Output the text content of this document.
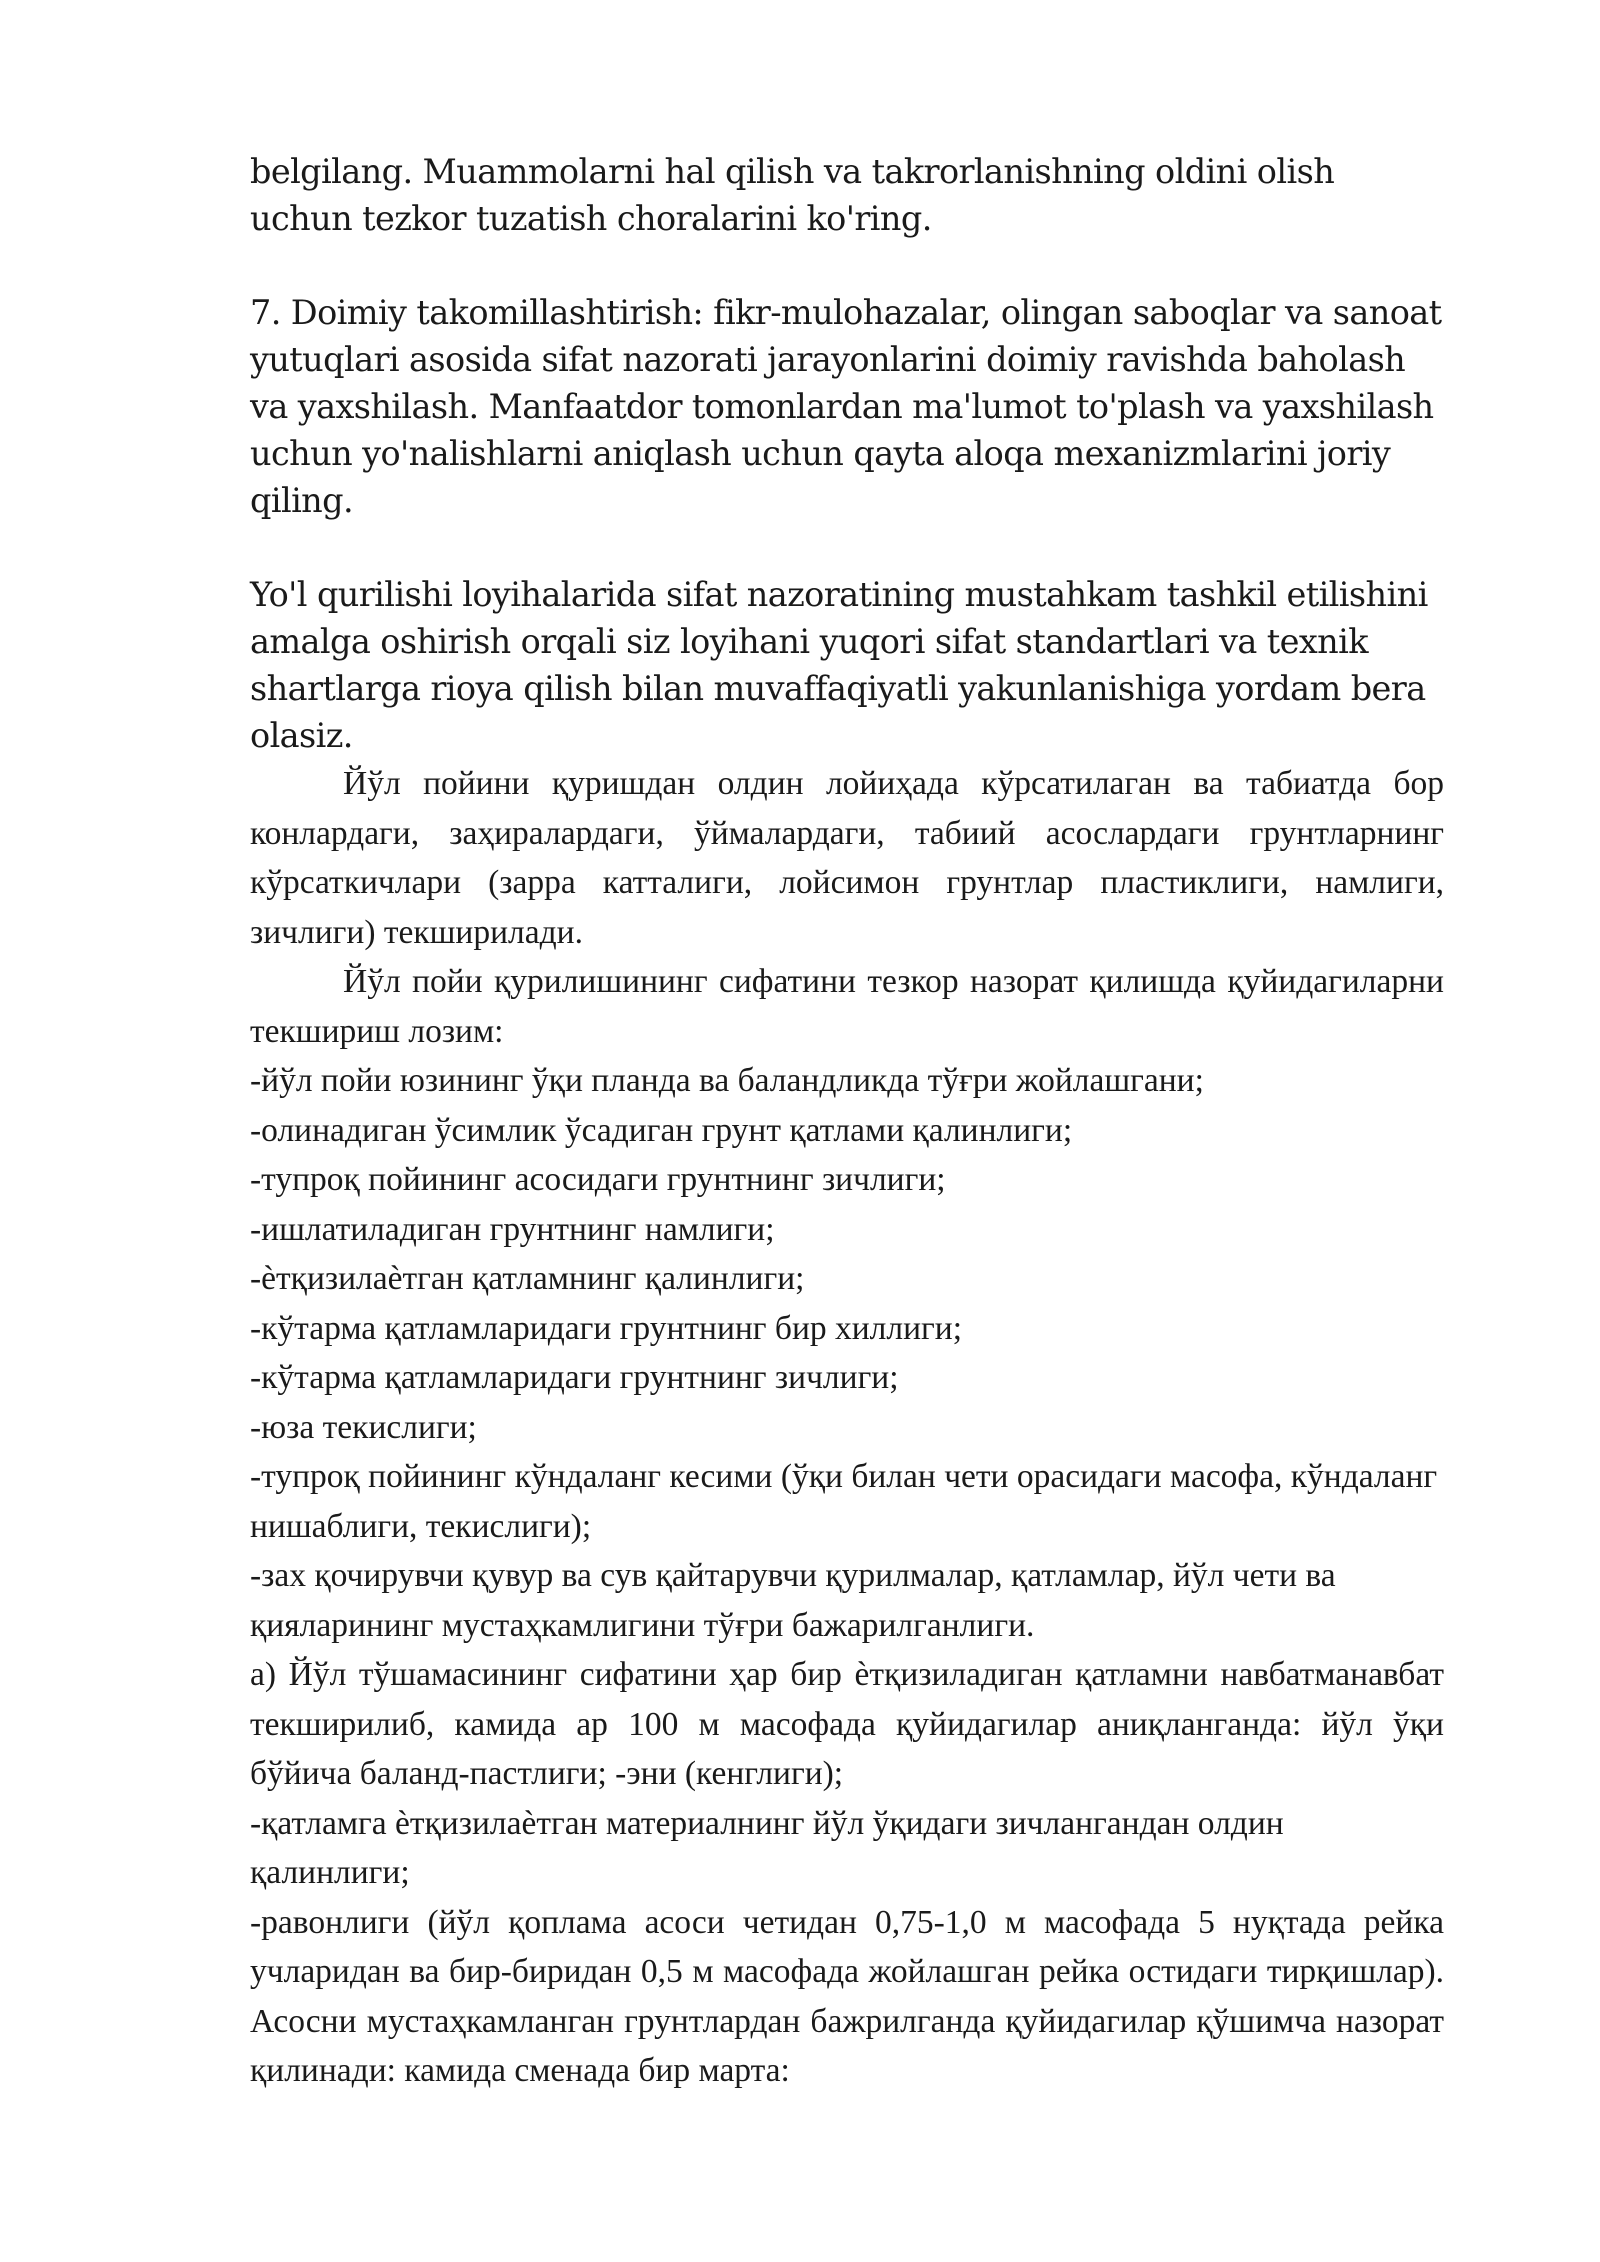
belgilang. Muammolarni hal qilish va takrorlanishning oldini olish uchun tezkor tuzatish choralarini ko'ring.

7. Doimiy takomillashtirish: fikr-mulohazalar, olingan saboqlar va sanoat yutuqlari asosida sifat nazorati jarayonlarini doimiy ravishda baholash va yaxshilash. Manfaatdor tomonlardan ma'lumot to'plash va yaxshilash uchun yo'nalishlarni aniqlash uchun qayta aloqa mexanizmlarini joriy qiling.

Yo'l qurilishi loyihalarida sifat nazoratining mustahkam tashkil etilishini amalga oshirish orqali siz loyihani yuqori sifat standartlari va texnik shartlarga rioya qilish bilan muvaffaqiyatli yakunlanishiga yordam bera olasiz.

Йўл пойини қуришдан олдин лойиҳада кўрсатилаган ва табиатда бор конлардаги, заҳиралардаги, ўймалардаги, табиий асослардаги грунтларнинг кўрсаткичлари (зарра катталиги, лойсимон грунтлар пластиклиги, намлиги, зичлиги) текширилади.

Йўл пойи қурилишининг сифатини тезкор назорат қилишда қуйидагиларни текшириш лозим:

-йўл пойи юзининг ўқи планда ва баландликда тўғри жойлашгани;
-олинадиган ўсимлик ўсадиган грунт қатлами қалинлиги;
-тупроқ пойининг асосидаги грунтнинг зичлиги;
-ишлатиладиган грунтнинг намлиги;
-ѐтқизилаѐтган қатламнинг қалинлиги;
-кўтарма қатламларидаги грунтнинг бир хиллиги;
-кўтарма қатламларидаги грунтнинг зичлиги;
-юза текислиги;
-тупроқ пойининг кўндаланг кесими (ўқи билан чети орасидаги масофа, кўндаланг нишаблиги, текислиги);
-зах қочирувчи қувур ва сув қайтарувчи қурилмалар, қатламлар, йўл чети ва қияларининг мустаҳкамлигини тўғри бажарилганлиги.

а) Йўл тўшамасининг сифатини ҳар бир ѐтқизиладиган қатламни навбатманавбат текширилиб, камида ар 100 м масофада қуйидагилар аниқланганда: йўл ўқи бўйича баланд-пастлиги; -эни (кенглиги);

-қатламга ѐтқизилаѐтган материалнинг йўл ўқидаги зичлангандан олдин қалинлиги;

-равонлиги (йўл қоплама асоси четидан 0,75-1,0 м масофада 5 нуқтада рейка учларидан ва бир-биридан 0,5 м масофада жойлашган рейка остидаги тирқишлар). Асосни мустаҳкамланган грунтлардан бажрилганда қуйидагилар қўшимча назорат қилинади: камида сменада бир марта:
